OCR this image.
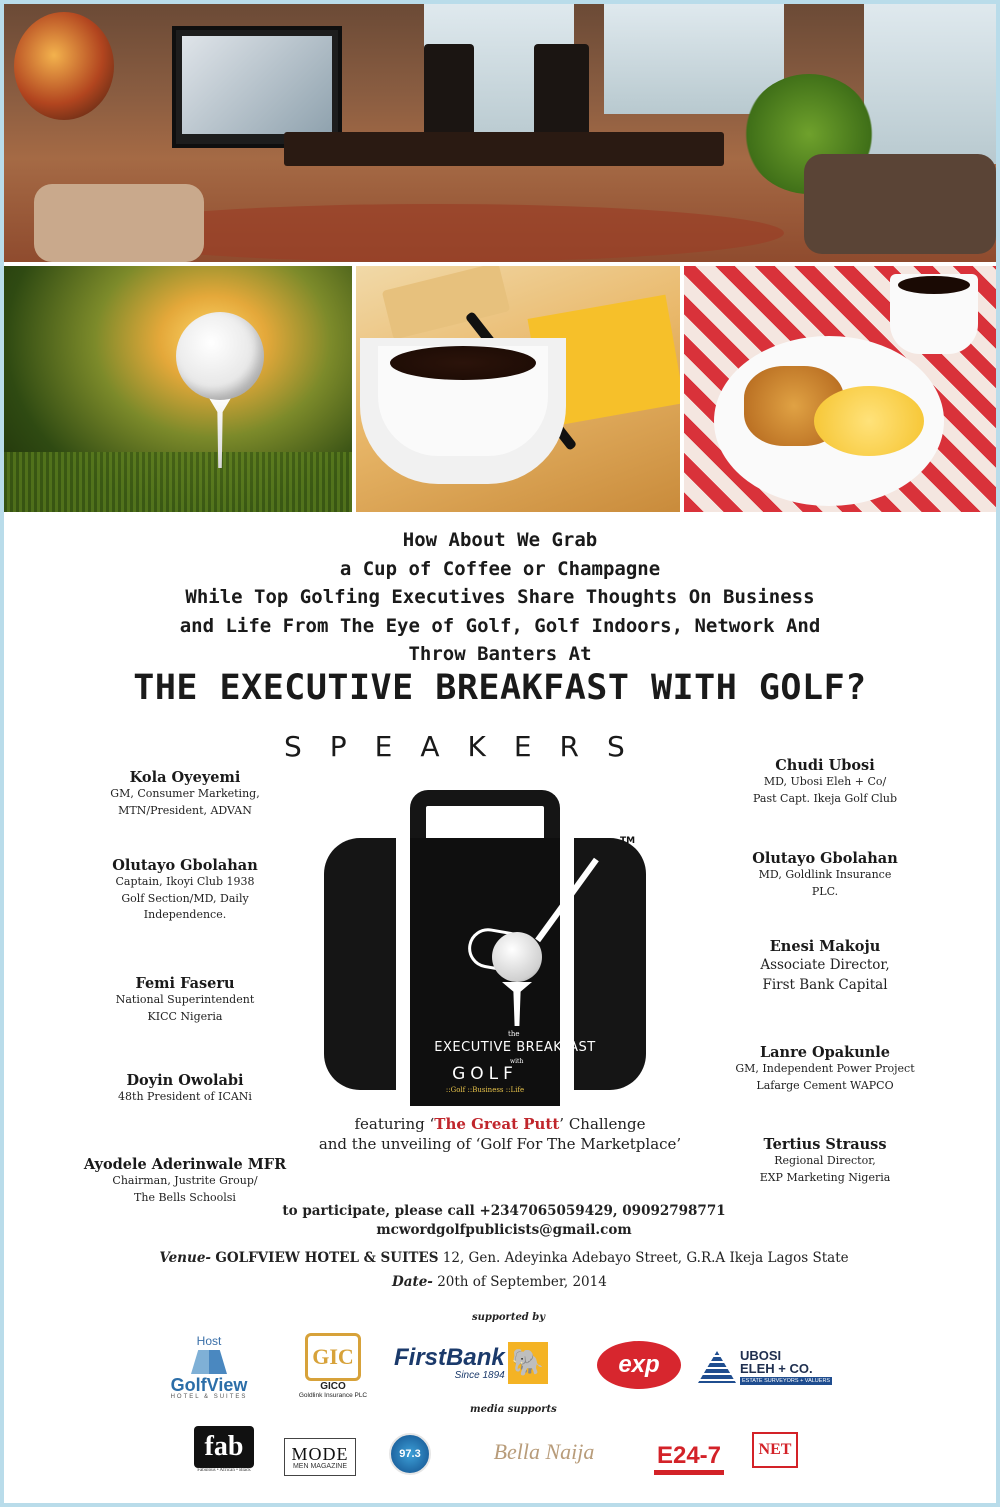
How About We Grab
a Cup of Coffee or Champagne
While Top Golfing Executives Share Thoughts On Business
and Life From The Eye of Golf, Golf Indoors, Network And
Throw Banters At
THE EXECUTIVE BREAKFAST WITH GOLF?
SPEAKERS
Kola Oyeyemi
GM, Consumer Marketing,
MTN/President, ADVAN
Olutayo Gbolahan
Captain, Ikoyi Club 1938
Golf Section/MD, Daily
Independence.
Femi Faseru
National Superintendent
KICC Nigeria
Doyin Owolabi
48th President of ICANi
Ayodele Aderinwale MFR
Chairman, Justrite Group/
The Bells Schoolsi
Chudi Ubosi
MD, Ubosi Eleh + Co/
Past Capt. Ikeja Golf Club
Olutayo Gbolahan
MD, Goldlink Insurance
PLC.
Enesi Makoju
Associate Director,
First Bank Capital
Lanre Opakunle
GM, Independent Power Project
Lafarge Cement WAPCO
Tertius Strauss
Regional Director,
EXP Marketing Nigeria
TM
the
EXECUTIVE BREAKFAST
with
GOLF
::Golf ::Business ::Life
featuring ‘The Great Putt’ Challenge
and the unveiling of ‘Golf For The Marketplace’
to participate, please call +2347065059429, 09092798771
mcwordgolfpublicists@gmail.com
Venue- GOLFVIEW HOTEL & SUITES 12, Gen. Adeyinka Adebayo Street, G.R.A Ikeja Lagos State
Date- 20th of September, 2014
supported by
media supports
Host
GolfView
HOTEL & SUITES
GIC
GICO
Goldlink Insurance PLC
FirstBank
Since 1894 🐘	exp	UBOSI
ELEH + CO.
ESTATE SURVEYORS + VALUERS
fab
Fabulous • African • Black
MODE
MEN MAGAZINE
97.3	Bella Naija	E24-7 NET
